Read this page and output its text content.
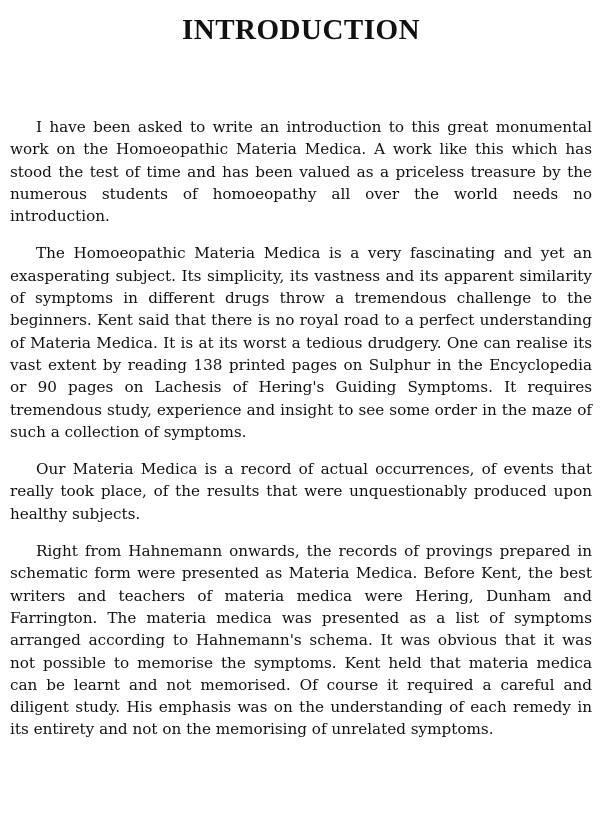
INTRODUCTION

I have been asked to write an introduction to this great monumental work on the Homoeopathic Materia Medica. A work like this which has stood the test of time and has been valued as a priceless treasure by the numerous students of homoeopathy all over the world needs no introduction.

The Homoeopathic Materia Medica is a very fascinating and yet an exasperating subject. Its simplicity, its vastness and its apparent similarity of symptoms in different drugs throw a tremendous challenge to the beginners. Kent said that there is no royal road to a perfect understanding of Materia Medica. It is at its worst a tedious drudgery. One can realise its vast extent by reading 138 printed pages on Sulphur in the Encyclopedia or 90 pages on Lachesis of Hering's Guiding Symptoms. It requires tremendous study, experience and insight to see some order in the maze of such a collection of symptoms.

Our Materia Medica is a record of actual occurrences, of events that really took place, of the results that were unquestionably produced upon healthy subjects.

Right from Hahnemann onwards, the records of provings prepared in schematic form were presented as Materia Medica. Before Kent, the best writers and teachers of materia medica were Hering, Dunham and Farrington. The materia medica was presented as a list of symptoms arranged according to Hahnemann's schema. It was obvious that it was not possible to memorise the symptoms. Kent held that materia medica can be learnt and not memorised. Of course it required a careful and diligent study. His emphasis was on the understanding of each remedy in its entirety and not on the memorising of unrelated symptoms.
